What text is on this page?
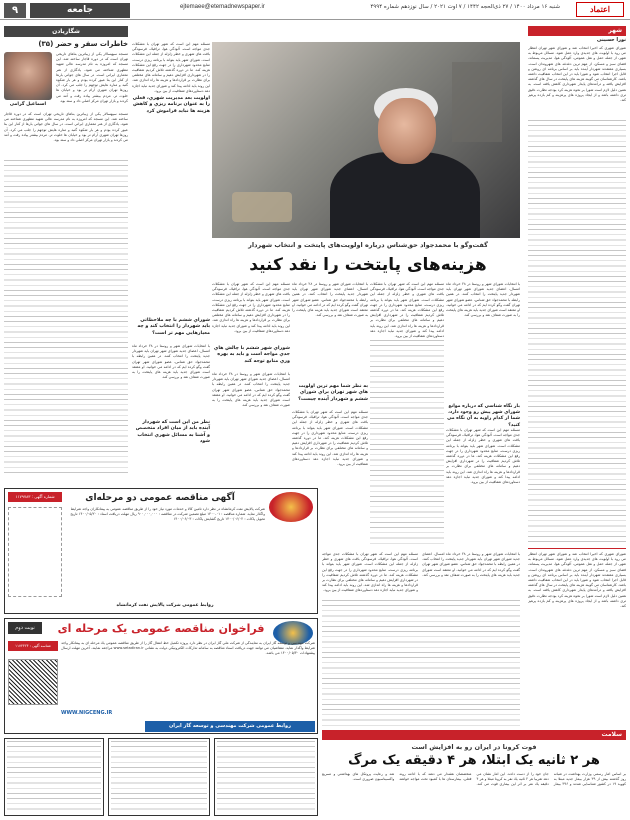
۹	جامعه	ejtemaee@etemadnewspaper.ir	شنبه ۱۶ مرداد ۱۴۰۰ / ۲۷ ذی‌الحجه ۱۴۴۲ / ۷ اوت ۲۰۲۱ / سال نوزدهم شماره ۴۹۹۴	اعتماد
شهر
نورا حسینی
شوراي شهري كه اخيرا انتخاب شد و شوراي شهر تهران انتظار مي رود با اولويت هاي جديدي وارد عمل شود. مسائل مربوط به شهر، از جمله حمل و نقل عمومي، آلودگي هوا، مديريت پسماند، فضاي سبز و مسكن، از مهم ترين دغدغه هاي شهروندان است. بسياري معتقدند شهردار آينده بايد بر اساس برنامه اي روشن و قابل اجرا انتخاب شود و شورا بايد در اين انتخاب شفافيت داشته باشد. كارشناسان مي گويند هزينه هاي پايتخت در سال هاي گذشته افزايش يافته و درآمدهاي پايدار شهرداري كاهش يافته است. به همين دليل لازم است شورا بر نحوه هزينه كرد بودجه نظارت دقيق تري داشته باشد و از ايجاد پروژه هاي پرهزينه و كم بازده پرهيز كند.
گفت‌وگو با محمدجواد حق‌شناس درباره اولویت‌های پایتخت و انتخاب شهردار
هزینه‌های پایتخت را نقد کنید
با انتخابات شوراي شهر و روستا در ۲۸ خرداد ماه امسال، اعضاي جديد شوراي شهر تهران بايد شهردار جديد پايتخت را انتخاب كنند. در همين رابطه با محمدجواد حق شناس، عضو شوراي شهر تهران گفت وگو كرده ايم كه در ادامه مي خوانيد. او معتقد است شوراي جديد بايد هزينه هاي پايتخت را به صورت شفاف نقد و بررسي كند.
بار نگاه شناسي كه درباره موانع شوراي شهر پيش رو وجود دارد، شما از كدام زاويه به آن نگاه مي كنيد؟
مسئله مهم اين است كه شهر تهران با مشكلات جدي مواجه است. آلودگي هوا، ترافيك، فرسودگي بافت هاي شهري و خطر زلزله از جمله اين مشكلات است. شوراي شهر بايد بتواند با برنامه ريزي درست، منابع محدود شهرداري را در جهت رفع اين مشكلات هزينه كند. ما در دوره گذشته تلاش كرديم شفافيت را در شهرداري افزايش دهيم و سامانه هاي مختلفي براي نظارت بر قراردادها و هزينه ها راه اندازي شد. اين روند بايد ادامه پيدا كند و شوراي جديد نبايد اجازه دهد دستاوردهاي شفافيت از بين برود.
مسئله مهم اين است كه شهر تهران با مشكلات جدي مواجه است. آلودگي هوا، ترافيك، فرسودگي بافت هاي شهري و خطر زلزله از جمله اين مشكلات است. شوراي شهر بايد بتواند با برنامه ريزي درست، منابع محدود شهرداري را در جهت رفع اين مشكلات هزينه كند. ما در دوره گذشته تلاش كرديم شفافيت را در شهرداري افزايش دهيم و سامانه هاي مختلفي براي نظارت بر قراردادها و هزينه ها راه اندازي شد. اين روند بايد ادامه پيدا كند و شوراي جديد نبايد اجازه دهد دستاوردهاي شفافيت از بين برود.
با انتخابات شوراي شهر و روستا در ۲۸ خرداد ماه امسال، اعضاي جديد شوراي شهر تهران بايد شهردار جديد پايتخت را انتخاب كنند. در همين رابطه با محمدجواد حق شناس، عضو شوراي شهر تهران گفت وگو كرده ايم كه در ادامه مي خوانيد. او معتقد است شوراي جديد بايد هزينه هاي پايتخت را به صورت شفاف نقد و بررسي كند.
به نظر شما مهم ترين اولويت هاي شهر تهران براي شوراي ششم و شهردار آينده چيست؟
مسئله مهم اين است كه شهر تهران با مشكلات جدي مواجه است. آلودگي هوا، ترافيك، فرسودگي بافت هاي شهري و خطر زلزله از جمله اين مشكلات است. شوراي شهر بايد بتواند با برنامه ريزي درست، منابع محدود شهرداري را در جهت رفع اين مشكلات هزينه كند. ما در دوره گذشته تلاش كرديم شفافيت را در شهرداري افزايش دهيم و سامانه هاي مختلفي براي نظارت بر قراردادها و هزينه ها راه اندازي شد. اين روند بايد ادامه پيدا كند و شوراي جديد نبايد اجازه دهد دستاوردهاي شفافيت از بين برود.
مسئله مهم اين است كه شهر تهران با مشكلات جدي مواجه است. آلودگي هوا، ترافيك، فرسودگي بافت هاي شهري و خطر زلزله از جمله اين مشكلات است. شوراي شهر بايد بتواند با برنامه ريزي درست، منابع محدود شهرداري را در جهت رفع اين مشكلات هزينه كند. ما در دوره گذشته تلاش كرديم شفافيت را در شهرداري افزايش دهيم و سامانه هاي مختلفي براي نظارت بر قراردادها و هزينه ها راه اندازي شد. اين روند بايد ادامه پيدا كند و شوراي جديد نبايد اجازه دهد دستاوردهاي شفافيت از بين برود.
شوراي شهر ششم با چالش هاي جدي مواجه است و بايد به بهره وري منابع توجه كند
با انتخابات شوراي شهر و روستا در ۲۸ خرداد ماه امسال، اعضاي جديد شوراي شهر تهران بايد شهردار جديد پايتخت را انتخاب كنند. در همين رابطه با محمدجواد حق شناس، عضو شوراي شهر تهران گفت وگو كرده ايم كه در ادامه مي خوانيد. او معتقد است شوراي جديد بايد هزينه هاي پايتخت را به صورت شفاف نقد و بررسي كند.
مسئله مهم اين است كه شهر تهران با مشكلات جدي مواجه است. آلودگي هوا، ترافيك، فرسودگي بافت هاي شهري و خطر زلزله از جمله اين مشكلات است. شوراي شهر بايد بتواند با برنامه ريزي درست، منابع محدود شهرداري را در جهت رفع اين مشكلات هزينه كند. ما در دوره گذشته تلاش كرديم شفافيت را در شهرداري افزايش دهيم و سامانه هاي مختلفي براي نظارت بر قراردادها و هزينه ها راه اندازي شد. اين روند بايد ادامه پيدا كند و شوراي جديد نبايد اجازه دهد دستاوردهاي شفافيت از بين برود.
اولويت بعد مديريت شهري، فعلي را به عنوان برنامه ريزي و كاهش هزينه ها نبايد فراموش كرد
شوراي ششم با چه ملاحظاتي بايد شهردار را انتخاب كند و چه معيارهايي مهم تر است؟
با انتخابات شوراي شهر و روستا در ۲۸ خرداد ماه امسال، اعضاي جديد شوراي شهر تهران بايد شهردار جديد پايتخت را انتخاب كنند. در همين رابطه با محمدجواد حق شناس، عضو شوراي شهر تهران گفت وگو كرده ايم كه در ادامه مي خوانيد. او معتقد است شوراي جديد بايد هزينه هاي پايتخت را به صورت شفاف نقد و بررسي كند.
نظر من اين است كه شهردار آينده بايد از ميان افراد متخصص و آشنا به مسائل شهري انتخاب شود
شگاریادن
خاطرات سفر و حضر (۳۵)
اسماعیل گرامی
مسجد سپهسالار يكي از زيباترين بناهاي تاريخي تهران است كه در دوره قاجار ساخته شد. اين مسجد كه امروزه به نام مدرسه عالي شهيد مطهري شناخته مي شود، يادگاري از هنر معماري ايراني است. در سال هاي جواني بارها از كنار اين بنا عبور كرده بودم و هر بار شكوه گنبد و مناره هايش توجهم را جلب مي كرد. آن روزها تهران شهري آرام تر بود و خيابان ها خلوت تر. مردم بيشتر پياده رفت و آمد مي كردند و بازار تهران مركز اصلي داد و ستد بود.
مسجد سپهسالار يكي از زيباترين بناهاي تاريخي تهران است كه در دوره قاجار ساخته شد. اين مسجد كه امروزه به نام مدرسه عالي شهيد مطهري شناخته مي شود، يادگاري از هنر معماري ايراني است. در سال هاي جواني بارها از كنار اين بنا عبور كرده بودم و هر بار شكوه گنبد و مناره هايش توجهم را جلب مي كرد. آن روزها تهران شهري آرام تر بود و خيابان ها خلوت تر. مردم بيشتر پياده رفت و آمد مي كردند و بازار تهران مركز اصلي داد و ستد بود.
آگهی مناقصه عمومی دو مرحله‌ای
شماره آگهی : ۱۱۷۹۷۸۳
شركت پالايش نفت كرمانشاه در نظر دارد تامين كالا و خدمات مورد نياز خود را از طريق مناقصه عمومي به پيمانكاران واجد شرايط واگذار نمايد. شماره مناقصه : ۰۱-۱۴۰۰ مبلغ تضمين شركت در مناقصه : ۹۰۰,۰۰۰,۰۰۰ ريال مهلت دريافت اسناد : ۱۴۰۰/۰۵/۲۰ تاريخ تحويل پاكات : ۱۴۰۰/۰۶/۰۲ تاريخ گشايش پاكات : ۱۴۰۰/۰۶/۰۳
روابط عمومی شرکت پالایش نفت کرمانشاه
نوبت دوم	فراخوان مناقصه عمومی یک مرحله ای
شركت مهندسي و توسعه گاز ايران به نمايندگي از شركت ملي گاز ايران در نظر دارد پروژه تكميل خط انتقال گاز را از طريق مناقصه عمومي يك مرحله اي به پيمانكار واجد شرايط واگذار نمايد. متقاضيان مي توانند جهت دريافت اسناد مناقصه به سامانه تداركات الكترونيكي دولت به نشاني www.setadiran.ir مراجعه نمايند. آخرين مهلت ارسال پيشنهادات ۱۴۰۰/۰۵/۳۰ مي باشد.
WWW.NIGCENG.IR
شناسه آگهی : ۱۱۷۴۳۲۴
روابط عمومی شرکت مهندسی و توسعه گاز ایران
مسئله مهم اين است كه شهر تهران با مشكلات جدي مواجه است. آلودگي هوا، ترافيك، فرسودگي بافت هاي شهري و خطر زلزله از جمله اين مشكلات است. شوراي شهر بايد بتواند با برنامه ريزي درست، منابع محدود شهرداري را در جهت رفع اين مشكلات هزينه كند. ما در دوره گذشته تلاش كرديم شفافيت را در شهرداري افزايش دهيم و سامانه هاي مختلفي براي نظارت بر قراردادها و هزينه ها راه اندازي شد. اين روند بايد ادامه پيدا كند و شوراي جديد نبايد اجازه دهد دستاوردهاي شفافيت از بين برود.
با انتخابات شوراي شهر و روستا در ۲۸ خرداد ماه امسال، اعضاي جديد شوراي شهر تهران بايد شهردار جديد پايتخت را انتخاب كنند. در همين رابطه با محمدجواد حق شناس، عضو شوراي شهر تهران گفت وگو كرده ايم كه در ادامه مي خوانيد. او معتقد است شوراي جديد بايد هزينه هاي پايتخت را به صورت شفاف نقد و بررسي كند.
سلامت
فوت کرونا در ایران رو به افزایش است
هر ۲ ثانیه یک ابتلا، هر ۴ دقیقه یک مرگ
بر اساس آمار رسمي وزارت بهداشت در شبانه روز گذشته بيش از ۳۹ هزار بيمار جديد مبتلا به كوويد ۱۹ در كشور شناسايي شدند و ۳۹۶ بيمار جان خود را از دست دادند. اين آمار نشان مي دهد تقريبا هر ۲ ثانيه يك نفر به كرونا مبتلا و هر ۴ دقيقه يك نفر بر اثر اين بيماري فوت مي كند. متخصصان هشدار مي دهند كه با ادامه روند فعلي، بيمارستان ها با كمبود تخت مواجه خواهند شد و رعايت پروتكل هاي بهداشتي و تسريع واكسيناسيون ضروري است.
شوراي شهري كه اخيرا انتخاب شد و شوراي شهر تهران انتظار مي رود با اولويت هاي جديدي وارد عمل شود. مسائل مربوط به شهر، از جمله حمل و نقل عمومي، آلودگي هوا، مديريت پسماند، فضاي سبز و مسكن، از مهم ترين دغدغه هاي شهروندان است. بسياري معتقدند شهردار آينده بايد بر اساس برنامه اي روشن و قابل اجرا انتخاب شود و شورا بايد در اين انتخاب شفافيت داشته باشد. كارشناسان مي گويند هزينه هاي پايتخت در سال هاي گذشته افزايش يافته و درآمدهاي پايدار شهرداري كاهش يافته است. به همين دليل لازم است شورا بر نحوه هزينه كرد بودجه نظارت دقيق تري داشته باشد و از ايجاد پروژه هاي پرهزينه و كم بازده پرهيز كند.
